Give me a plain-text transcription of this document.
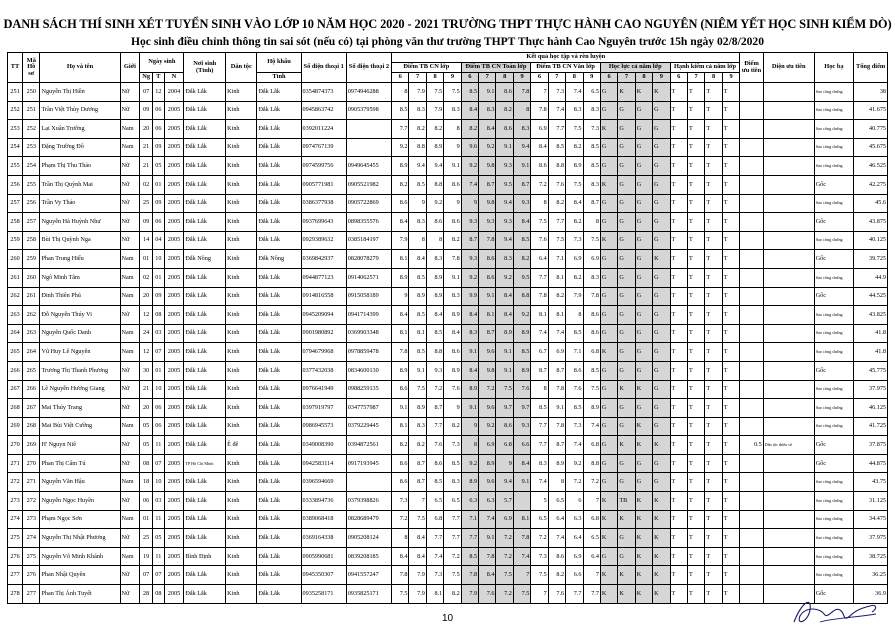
DANH SÁCH THÍ SINH XÉT TUYỂN SINH VÀO LỚP 10 NĂM HỌC 2020 - 2021 TRƯỜNG THPT THỰC HÀNH CAO NGUYÊN (NIÊM YẾT HỌC SINH KIỂM DÒ)
Học sinh điều chỉnh thông tin sai sót (nếu có) tại phòng văn thư trường THPT Thực hành Cao Nguyên trước 15h ngày 02/8/2020
TT	Mã Hồ sơ	Họ và tên	Giới	Ngày sinh			Nơi sinh (Tỉnh)	Dân tộc	Hộ khẩu	Số điện thoại 1	Số điện thoại 2	Kết quả học tập và rèn luyện																				Điểm ưu tiên	Diện ưu tiên	Học bạ	Tổng điểm
												Điểm TB CN lớp				Điểm TB CN Toán lớp				Điểm TB CN Văn lớp				Học lực cả năm lớp				Hạnh kiểm cả năm lớp							
				Ng	T	N			Tỉnh			6	7	8	9	6	7	8	9	6	7	8	9	6	7	8	9	6	7	8	9				

251	250	Nguyễn Thị Hiền	Nữ	07	12	2004	Đắk Lắk	Kinh	Đắk Lắk	0354874373	0974946288	8	7.9	7.5	7.5	8.5	9.1	8.6	7.8	7	7.3	7.4	6.5	G	K	K	K	T	T	T	T			Sao công chứng	38
252	251	Trần Việt Thùy Dương	Nữ	09	06	2005	Đắk Lắk	Kinh	Đắk Lắk	0945863742	0905379598	8.5	8.3	7.9	8.3	8.4	8.3	8.2	8	7.8	7.4	8.3	8.3	G	G	G	G	T	T	T	T			Sao công chứng	41.675
253	252	Lại Xuân Trường	Nam	20	06	2005	Đắk Lắk	Kinh	Đắk Lắk	0392011224		7.7	8.2	8.2	8	8.2	8.4	8.6	8.3	6.9	7.7	7.5	7.3	K	G	G	G	T	T	T	T			Sao công chứng	40.775
254	253	Đặng Trường Đô	Nam	21	09	2005	Đắk Lắk	Kinh	Đắk Lắk	0974767139		9.2	8.8	8.9	9	9.6	9.2	9.1	9.4	8.4	8.5	8.2	8.5	G	G	G	G	T	T	T	T			Sao công chứng	45.675
255	254	Phạm Thị Thu Thảo	Nữ	21	05	2005	Đắk Lắk	Kinh	Đắk Lắk	0974599756	0949645455	8.9	9.4	9.4	9.1	9.2	9.8	9.3	9.1	8.6	8.8	8.9	8.5	G	G	G	G	T	T	T	T			Sao công chứng	46.525
256	255	Trần Thị Quỳnh Mai	Nữ	02	01	2005	Đắk Lắk	Kinh	Đắk Lắk	0905771981	0905521982	8.2	8.5	8.8	8.6	7.4	8.7	9.5	8.7	7.2	7.6	7.5	8.3	K	G	G	G	T	T	T	T			Gốc	42.275
257	256	Trần Vy Thảo	Nữ	25	09	2005	Đắk Lắk	Kinh	Đắk Lắk	0386377938	0905722869	8.6	9	9.2	9	9	9.8	9.4	9.3	8	8.2	8.4	8.7	G	G	G	G	T	T	T	T			Sao công chứng	45.6
258	257	Nguyễn Hà Huỳnh Như	Nữ	09	06	2005	Đắk Lắk	Kinh	Đắk Lắk	0937699643	0898355576	8.4	8.3	8.6	8.6	9.3	9.3	9.3	8.4	7.5	7.7	8.2	8	G	G	G	G	T	T	T	T			Gốc	43.875
259	258	Bùi Thị Quỳnh Nga	Nữ	14	04	2005	Đắk Lắk	Kinh	Đắk Lắk	0929389632	0385184197	7.9	8	8	8.2	8.7	7.8	9.4	8.5	7.6	7.5	7.3	7.5	K	G	G	G	T	T	T	T			Sao công chứng	40.125
260	259	Phan Trung Hiếu	Nam	01	10	2005	Đắk Nông	Kinh	Đắk Nông	0369842937	0828078279	8.1	8.4	8.3	7.8	9.3	8.6	8.3	8.2	6.4	7.1	6.9	6.9	G	G	G	K	T	T	T	T			Gốc	39.725
261	260	Ngô Minh Tâm	Nam	02	01	2005	Đắk Lắk	Kinh	Đắk Lắk	0944877123	0914062571	8.9	8.5	8.9	9.1	9.2	8.6	9.2	9.5	7.7	8.1	8.2	8.3	G	G	G	G	T	T	T	T			Sao công chứng	44.9
262	261	Đinh Thiên Phú	Nam	20	09	2005	Đắk Lắk	Kinh	Đắk Lắk	0914816558	0915058189	9	8.9	8.9	8.3	9.9	9.1	8.4	8.8	7.8	8.2	7.9	7.8	G	G	G	G	T	T	T	T			Gốc	44.525
263	262	Đỗ Nguyễn Thúy Vi	Nữ	12	08	2005	Đắk Lắk	Kinh	Đắk Lắk	0945209094	0941714399	8.4	8.5	8.4	8.9	8.4	8.1	8.4	9.2	8.1	8.1	8	8.6	G	G	G	G	T	T	T	T			Sao công chứng	43.825
264	263	Nguyễn Quốc Danh	Nam	24	03	2005	Đắk Lắk	Kinh	Đắk Lắk	0901980892	0369903348	8.1	8.1	8.5	8.4	8.3	8.7	8.9	8.9	7.4	7.4	8.5	8.6	G	G	G	G	T	T	T	T			Sao công chứng	41.8
265	264	Vũ Huy Lê Nguyên	Nam	12	07	2005	Đắk Lắk	Kinh	Đắk Lắk	0794679968	0978859478	7.8	8.5	8.8	8.6	9.1	9.6	9.1	8.5	6.7	6.9	7.1	6.8	K	G	G	G	T	T	T	T			Sao công chứng	41.8
266	265	Trương Thị Thanh Phương	Nữ	30	01	2005	Đắk Lắk	Kinh	Đắk Lắk	0377432038	0834600130	8.9	9.1	9.3	8.9	8.4	9.8	9.1	8.9	8.7	8.7	8.6	8.5	G	G	G	G	T	T	T	T			Gốc	45.775
267	266	Lê Nguyễn Hương Giang	Nữ	21	10	2005	Đắk Lắk	Kinh	Đắk Lắk	0976641949	0988259135	8.6	7.5	7.2	7.6	8.9	7.2	7.5	7.6	8	7.8	7.6	7.5	G	K	K	G	T	T	T	T			Sao công chứng	37.975
268	267	Mai Thúy Trang	Nữ	20	06	2005	Đắk Lắk	Kinh	Đắk Lắk	0397919797	0347757987	9.1	8.9	8.7	9	9.1	9.6	9.7	9.7	8.5	9.1	8.5	8.9	G	G	G	G	T	T	T	T			Sao công chứng	46.125
269	268	Mai Bùi Việt Cường	Nam	05	06	2005	Đắk Lắk	Kinh	Đắk Lắk	0986945573	0379229445	8.1	8.3	7.7	8.2	9	9.2	8.6	9.3	7.7	7.8	7.3	7.4	G	G	K	G	T	T	T	T			Sao công chứng	41.725
270	269	H' Nguyn Niê	Nữ	05	11	2005	Đắk Lắk	Ê đê	Đắk Lắk	0349008390	0394872561	8.2	8.2	7.6	7.3	8	6.9	6.8	6.6	7.7	8.7	7.4	6.8	G	K	K	K	T	T	T	T	0.5	Dân tộc thiểu số	Gốc	37.875
271	270	Phan Thị Cẩm Tú	Nữ	08	07	2005	TP Hồ Chí Minh	Kinh	Đắk Lắk	0942583114	0917193945	8.6	8.7	8.6	8.5	9.2	8.9	9	8.4	8.3	8.9	9.2	8.8	G	G	G	G	T	T	T	T			Gốc	44.875
272	271	Nguyễn Văn Hậu	Nam	18	10	2005	Đắk Lắk	Kinh	Đắk Lắk	0396594669		8.6	8.7	8.5	8.3	8.9	9.6	9.4	9.1	7.4	8	7.2	7.2	G	G	G	G	T	T	T	T			Sao công chứng	43.75
273	272	Nguyễn Ngọc Huyền	Nữ	06	03	2005	Đắk Lắk	Kinh	Đắk Lắk	0333894736	0379398826	7.3	7	6.5	6.5	6.3	6.3	5.7		5	6.5	6	7	K	TB	K	K	T	T	T	T			Sao công chứng	31.125
274	273	Phạm Ngọc Sơn	Nam	01	11	2005	Đắk Lắk	Kinh	Đắk Lắk	0389068418	0828689479	7.2	7.5	6.8	7.7	7.1	7.4	6.9	8.1	6.5	6.4	6.3	6.8	K	K	K	K	T	T	T	T			Sao công chứng	34.475
275	274	Nguyễn Thị Nhật Phương	Nữ	25	05	2005	Đắk Lắk	Kinh	Đắk Lắk	0369164338	0905208124	8	8.4	7.7	7.7	7.7	9.1	7.2	7.8	7.2	7.4	6.4	6.5	K	G	K	K	T	T	T	T			Sao công chứng	37.975
276	275	Nguyễn Võ Minh Khánh	Nam	19	11	2005	Bình Định	Kinh	Đắk Lắk	0905990681	0839208185	8.4	8.4	7.4	7.2	8.5	7.8	7.2	7.4	7.3	8.6	6.9	6.4	G	G	K	K	T	T	T	T			Sao công chứng	38.725
277	276	Phan Nhật Quyên	Nữ	07	07	2005	Đắk Lắk	Kinh	Đắk Lắk	0945350307	0941557247	7.8	7.9	7.3	7.5	7.8	8.4	7.5	7	7.5	8.2	6.6	7	K	K	K	K	T	T	T	T			Sao công chứng	36.25
278	277	Phan Thị Ánh Tuyết	Nữ	28	08	2005	Đắk Lắk	Kinh	Đắk Lắk	0935258171	0935825171	7.5	7.9	8.1	8.2	7.9	7.6	7.2	7.5	7	7.6	7.7	7.7	K	K	K	K	T	T	T	T			Gốc	36.9
10
